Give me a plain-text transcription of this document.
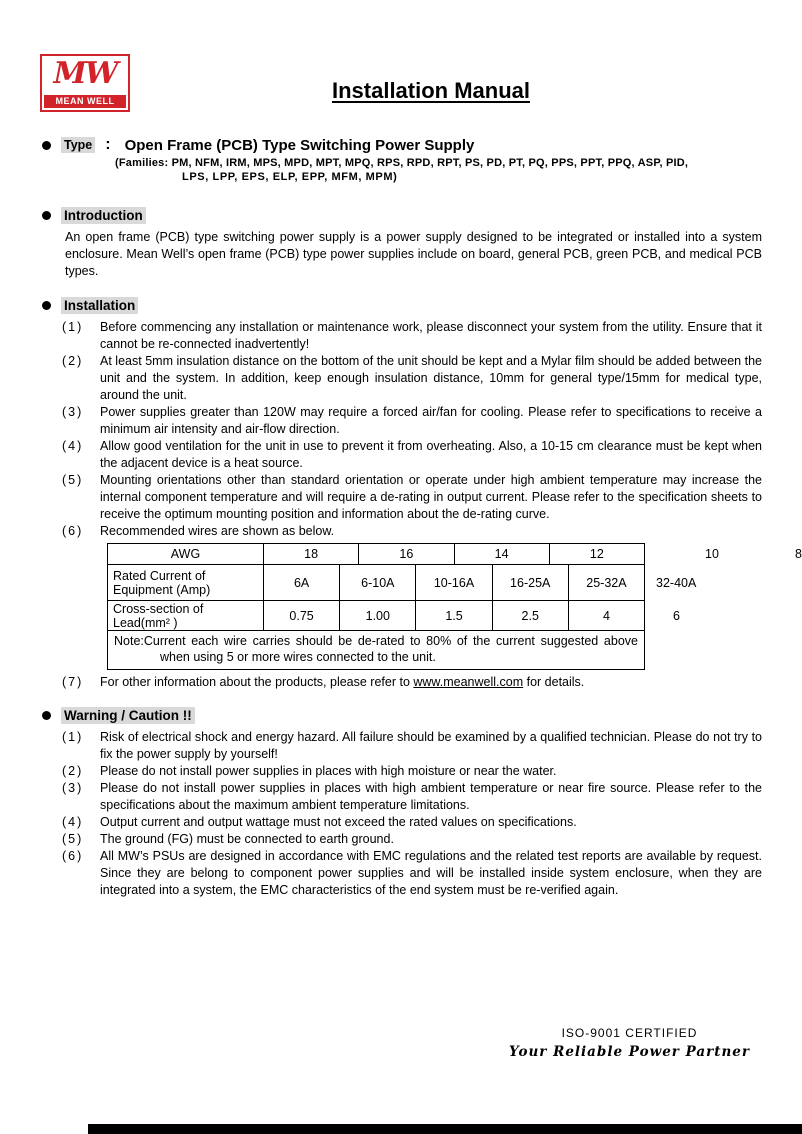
MW
MEAN WELL	Installation Manual
Type : Open Frame (PCB) Type Switching Power Supply
(Families: PM, NFM, IRM, MPS, MPD, MPT, MPQ, RPS, RPD, RPT, PS, PD, PT, PQ, PPS, PPT, PPQ, ASP, PID,
LPS, LPP, EPS, ELP, EPP, MFM, MPM)
Introduction

An open frame (PCB) type switching power supply is a power supply designed to be integrated or installed into a system enclosure. Mean Well’s open frame (PCB) type power supplies include on board, general PCB, green PCB, and medical PCB types.

Installation

(1) Before commencing any installation or maintenance work, please disconnect your system from the utility. Ensure that it cannot be re-connected inadvertently!

(2) At least 5mm insulation distance on the bottom of the unit should be kept and a Mylar film should be added between the unit and the system. In addition, keep enough insulation distance, 10mm for general type/15mm for medical type, around the unit.

(3) Power supplies greater than 120W may require a forced air/fan for cooling. Please refer to specifications to receive a minimum air intensity and air-flow direction.

(4) Allow good ventilation for the unit in use to prevent it from overheating. Also, a 10-15 cm clearance must be kept when the adjacent device is a heat source.

(5) Mounting orientations other than standard orientation or operate under high ambient temperature may increase the internal component temperature and will require a de-rating in output current. Please refer to the specification sheets to receive the optimum mounting position and information about the de-rating curve.

(6) Recommended wires are shown as below.

AWG	18	16	14	12	10	8
Rated Current of Equipment (Amp)	6A	6-10A	10-16A	16-25A	25-32A	32-40A
Cross-section of Lead(mm² )	0.75	1.00	1.5	2.5	4	6
Note:Current each wire carries should be de-rated to 80% of the current suggested above when using 5 or more wires connected to the unit.

(7) For other information about the products, please refer to www.meanwell.com for details.

Warning / Caution !!

(1) Risk of electrical shock and energy hazard. All failure should be examined by a qualified technician. Please do not try to fix the power supply by yourself!

(2) Please do not install power supplies in places with high moisture or near the water.

(3) Please do not install power supplies in places with high ambient temperature or near fire source. Please refer to the specifications about the maximum ambient temperature limitations.

(4) Output current and output wattage must not exceed the rated values on specifications.

(5) The ground (FG) must be connected to earth ground.

(6) All MW’s PSUs are designed in accordance with EMC regulations and the related test reports are available by request. Since they are belong to component power supplies and will be installed inside system enclosure, when they are integrated into a system, the EMC characteristics of the end system must be re-verified again.

ISO-9001 CERTIFIED
Your Reliable Power Partner
